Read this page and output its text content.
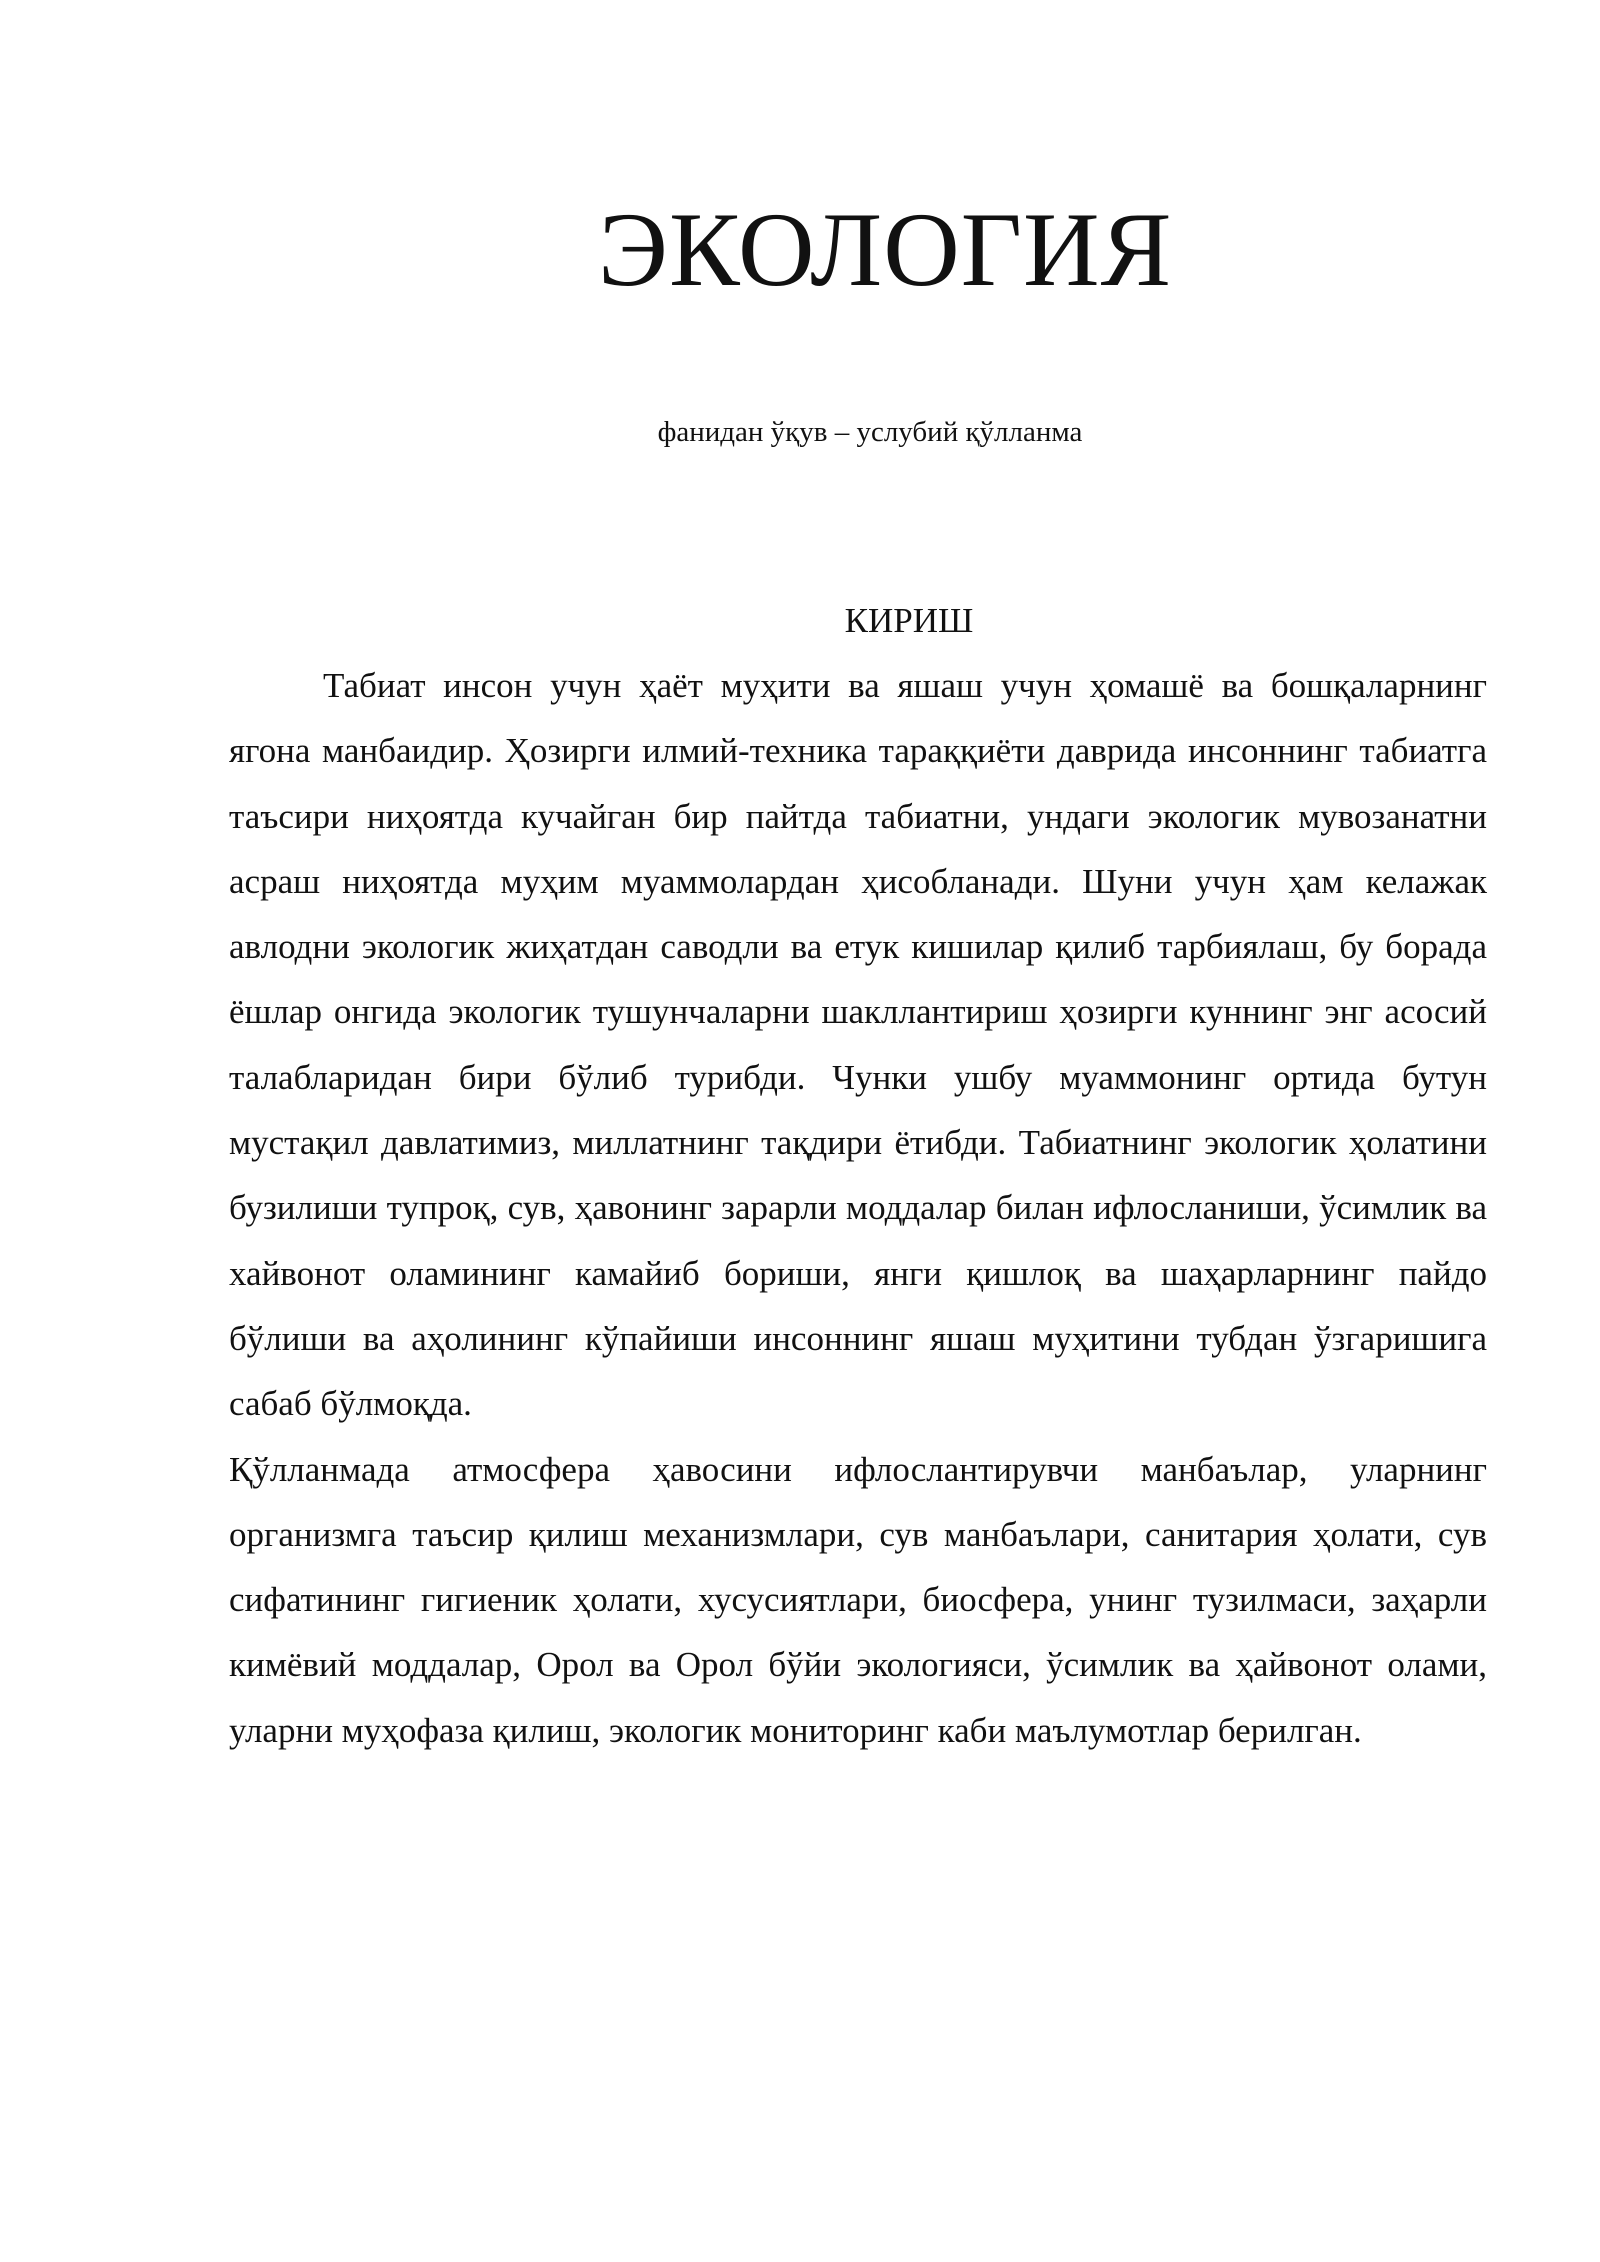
ЭКОЛОГИЯ

фанидан ўқув – услубий қўлланма

КИРИШ

Табиат инсон учун ҳаёт муҳити ва яшаш учун ҳомашё ва бошқаларнинг ягона манбаидир. Ҳозирги илмий-техника тараққиёти даврида инсоннинг табиатга таъсири ниҳоятда кучайган бир пайтда табиатни, ундаги экологик мувозанатни асраш ниҳоятда муҳим муаммолардан ҳисобланади. Шуни учун ҳам келажак авлодни экологик жиҳатдан саводли ва етук кишилар қилиб тарбиялаш, бу борада ёшлар онгида экологик тушунчаларни шакллантириш ҳозирги куннинг энг асосий талабларидан бири бўлиб турибди. Чунки ушбу муаммонинг ортида бутун мустақил давлатимиз, миллатнинг тақдири ётибди. Табиатнинг экологик ҳолатини бузилиши тупроқ, сув, ҳавонинг зарарли моддалар билан ифлосланиши, ўсимлик ва хайвонот оламининг камайиб бориши, янги қишлоқ ва шаҳарларнинг пайдо бўлиши ва аҳолининг кўпайиши инсоннинг яшаш муҳитини тубдан ўзгаришига сабаб бўлмоқда.

Қўлланмада атмосфера ҳавосини ифлослантирувчи манбаълар, уларнинг организмга таъсир қилиш механизмлари, сув манбаълари, санитария ҳолати, сув сифатининг гигиеник ҳолати, хусусиятлари, биосфера, унинг тузилмаси, заҳарли кимёвий моддалар, Орол ва Орол бўйи экологияси, ўсимлик ва ҳайвонот олами, уларни муҳофаза қилиш, экологик мониторинг каби маълумотлар берилган.
